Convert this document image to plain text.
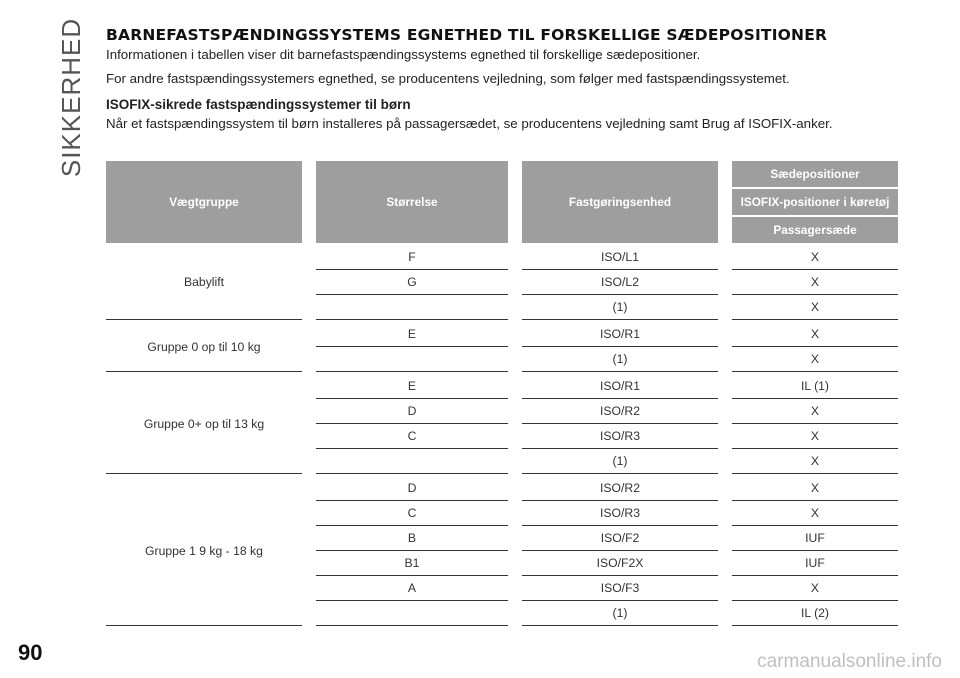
SIKKERHED BARNEFASTSPÆNDINGSSYSTEMS EGNETHED TIL FORSKELLIGE SÆDEPOSITIONER

Informationen i tabellen viser dit barnefastspændingssystems egnethed til forskellige sædepositioner.

For andre fastspændingssystemers egnethed, se producentens vejledning, som følger med fastspændingssystemet.

ISOFIX-sikrede fastspændingssystemer til børn

Når et fastspændingssystem til børn installeres på passagersædet, se producentens vejledning samt Brug af ISOFIX-anker.

Vægtgruppe		Størrelse		Fastgøringsenhed		Sædepositioner
						ISOFIX-positioner i køretøj
						Passagersæde
Babylift		F		ISO/L1		X
		G		ISO/L2		X
				(1)		X
Gruppe 0 op til 10 kg		E		ISO/R1		X
				(1)		X
Gruppe 0+ op til 13 kg		E		ISO/R1		IL (1)
		D		ISO/R2		X
		C		ISO/R3		X
				(1)		X
Gruppe 1 9 kg - 18 kg		D		ISO/R2		X
		C		ISO/R3		X
		B		ISO/F2		IUF
		B1		ISO/F2X		IUF
		A		ISO/F3		X
				(1)		IL (2)
90	carmanualsonline.info
